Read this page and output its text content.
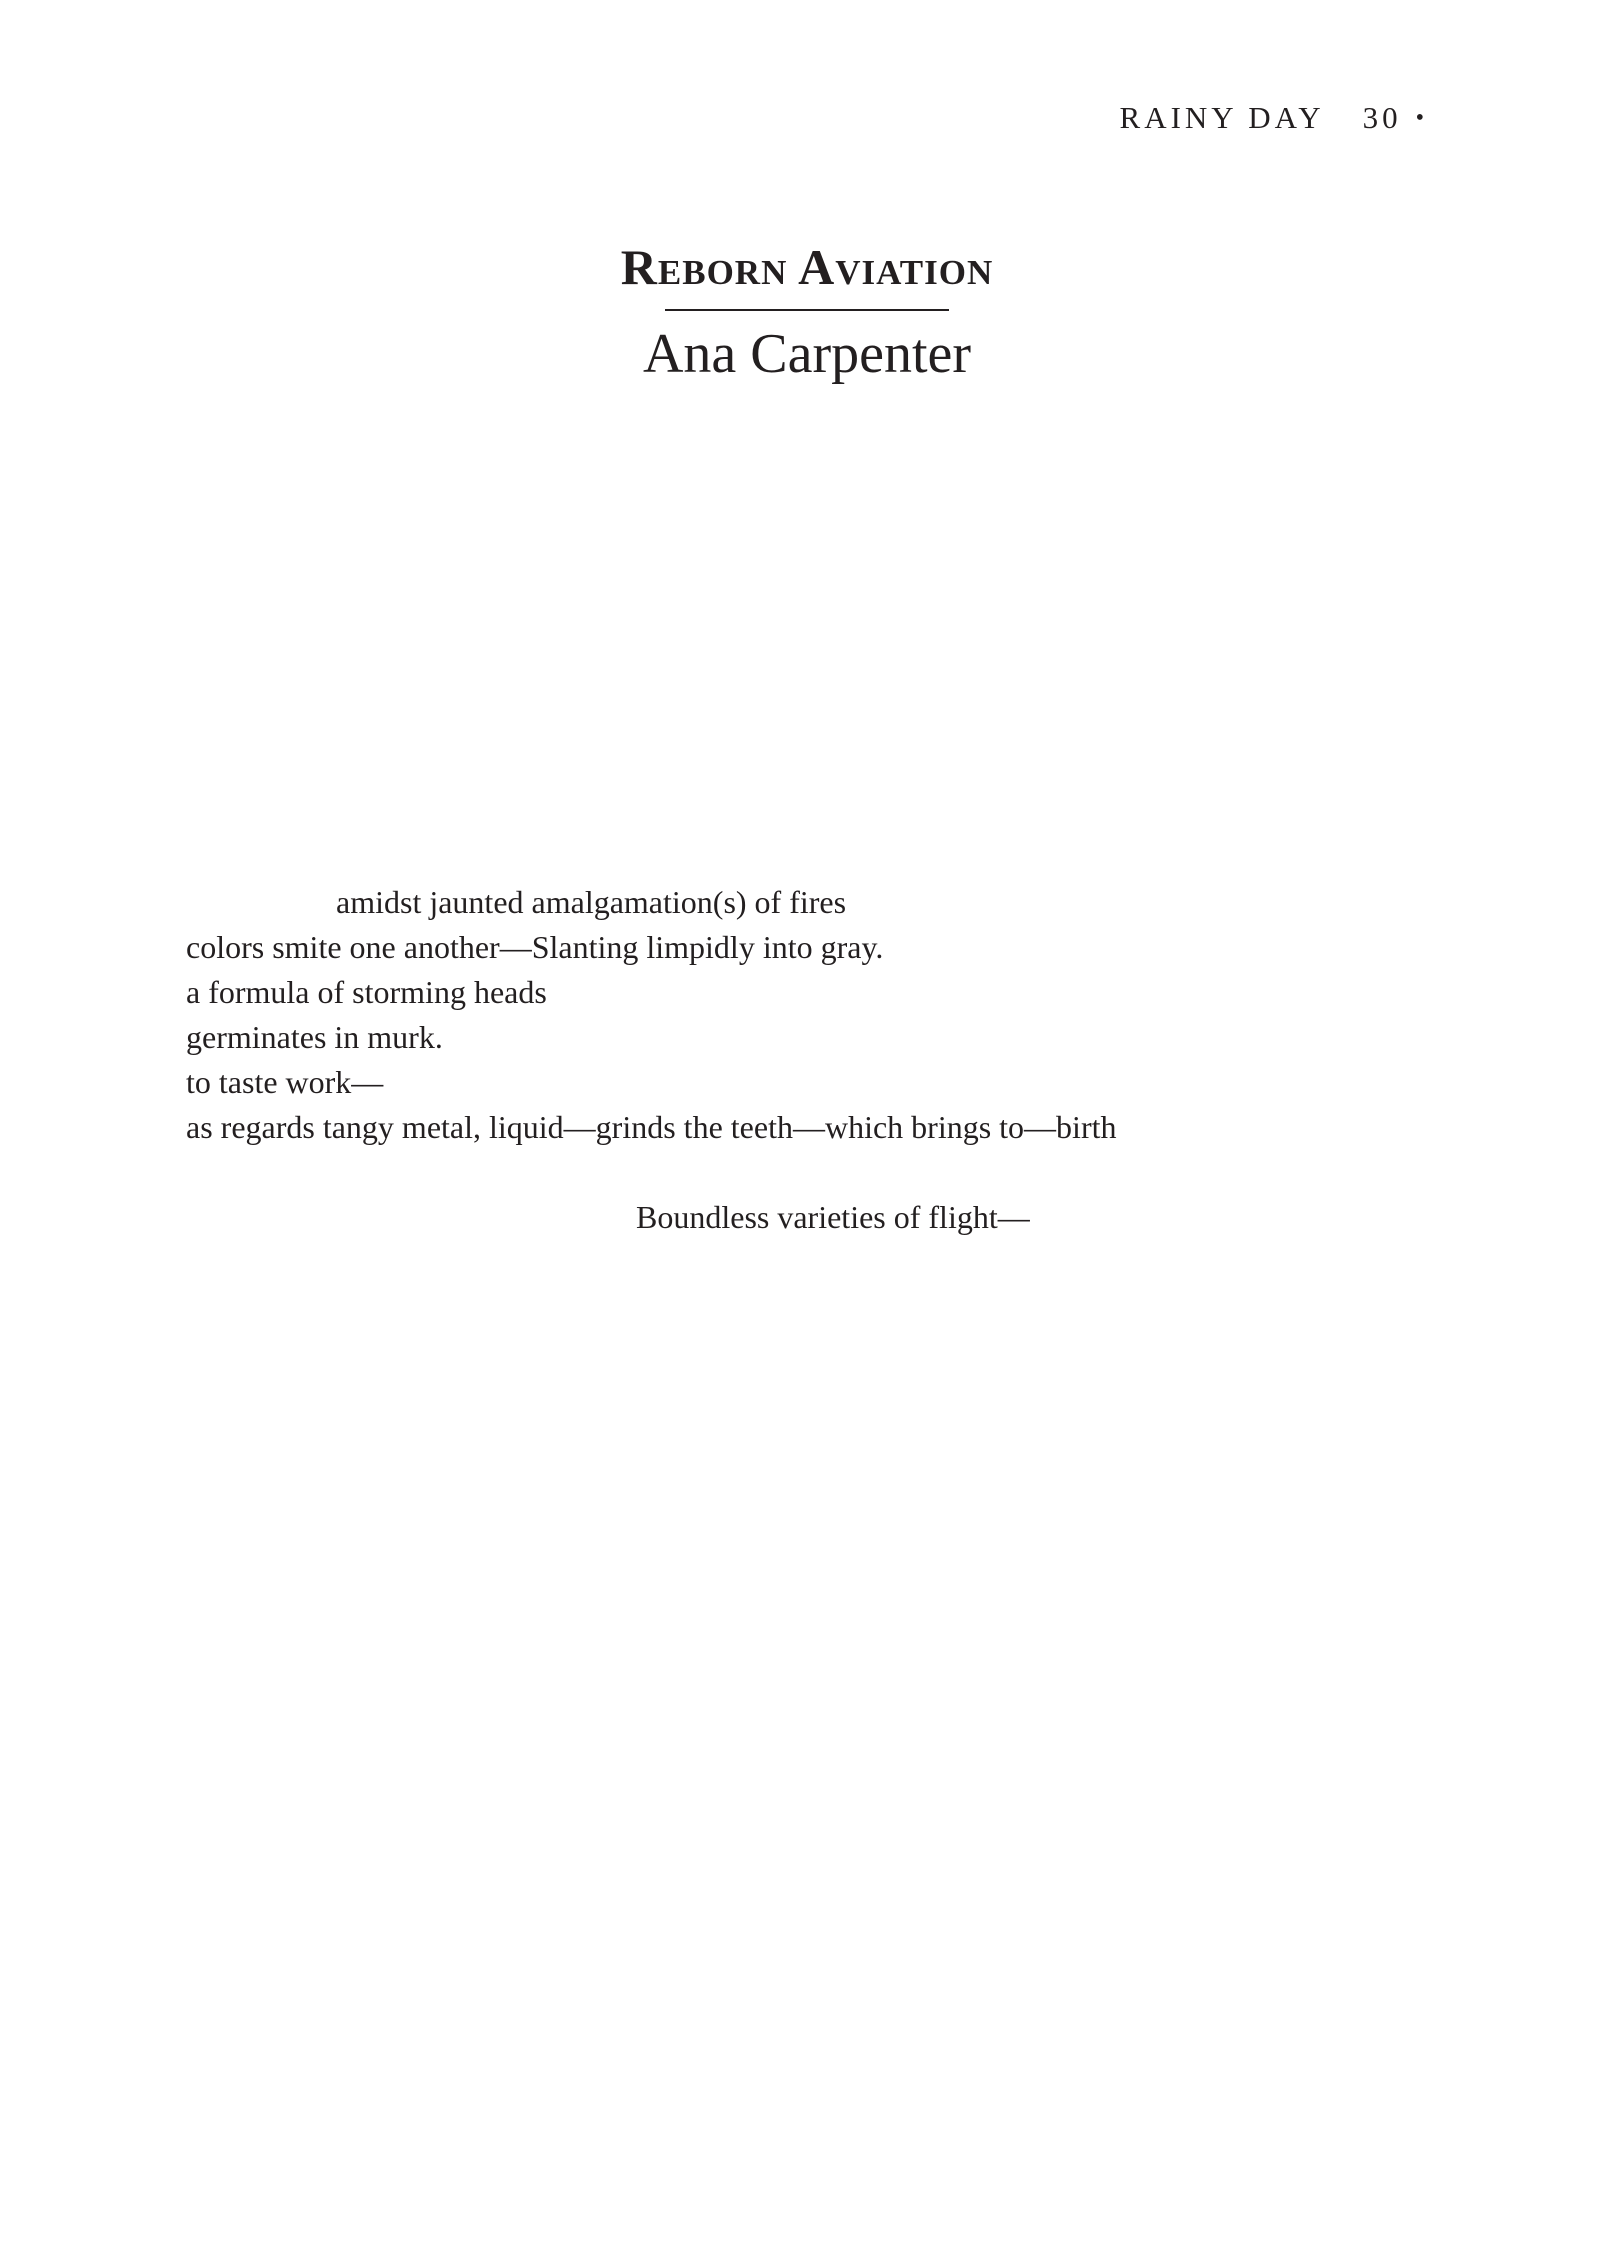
RAINY DAY 30 •
Reborn Aviation
Ana Carpenter
amidst jaunted amalgamation(s) of fires
colors smite one another—Slanting limpidly into gray.
a formula of storming heads
germinates in murk.
to taste work—
as regards tangy metal, liquid—grinds the teeth—which brings to—birth
Boundless varieties of flight—
